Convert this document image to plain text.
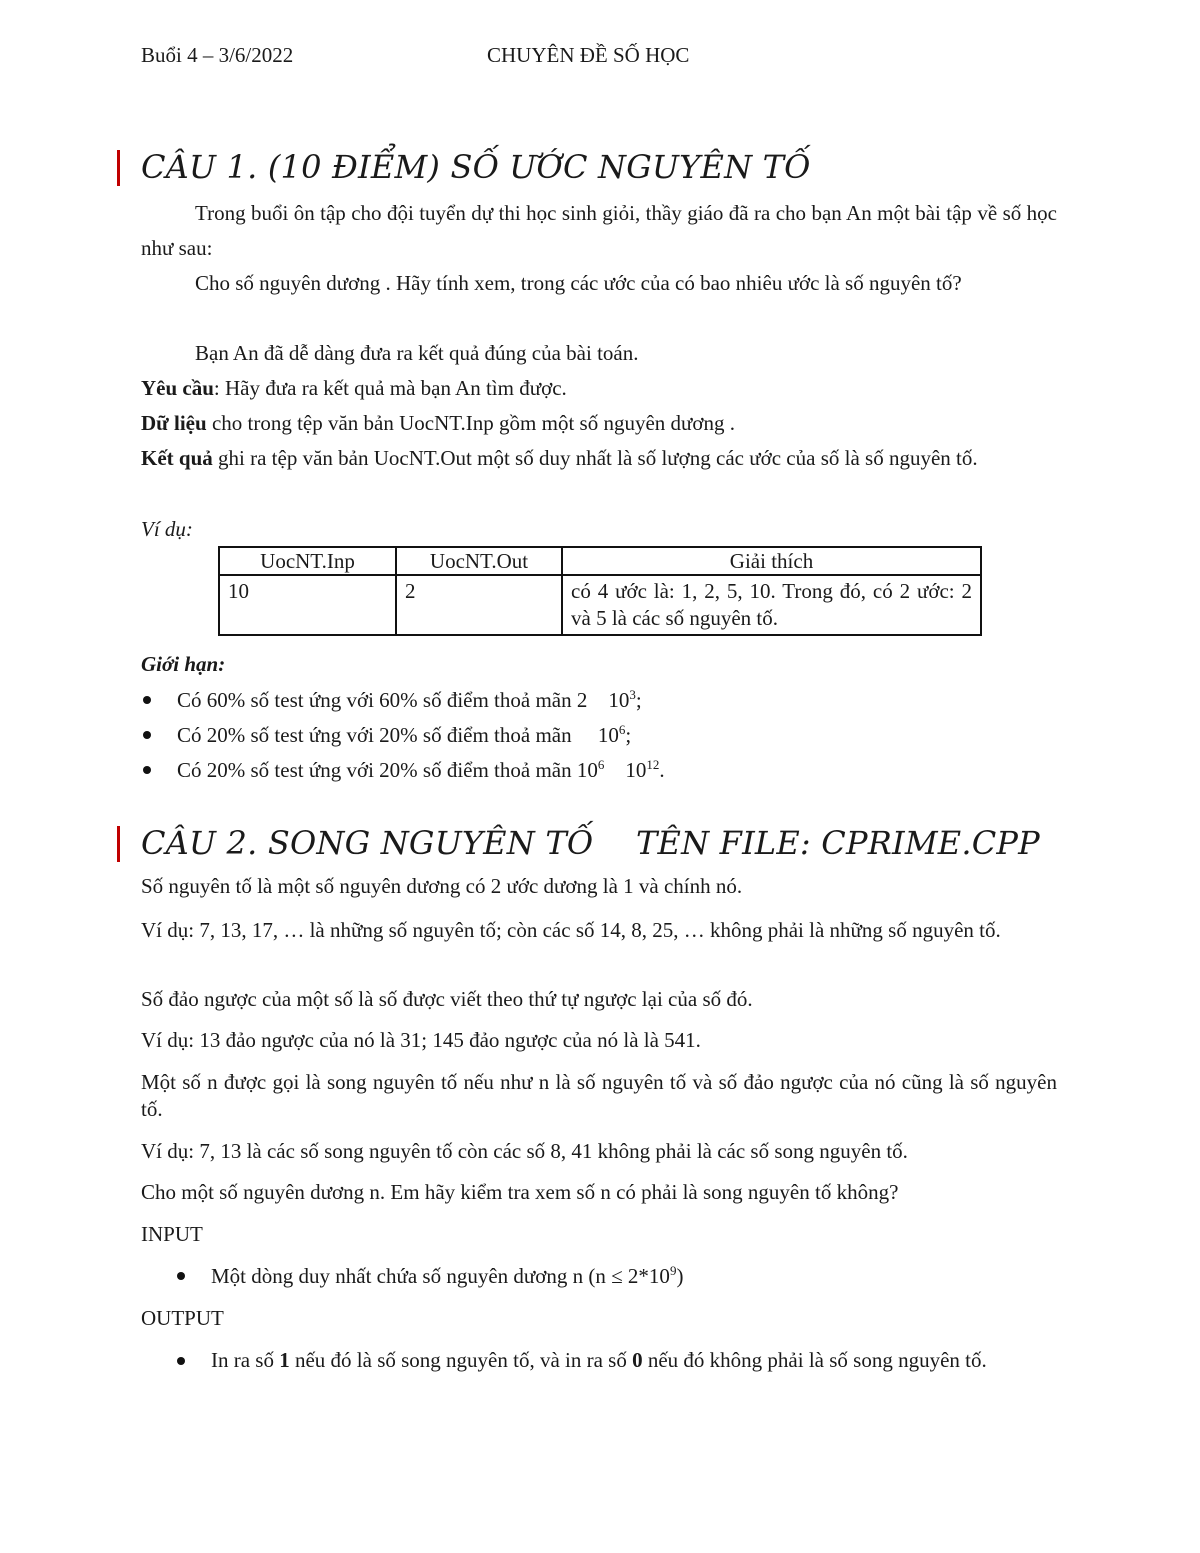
Buổi 4 – 3/6/2022	CHUYÊN ĐỀ SỐ HỌC
CÂU 1. (10 ĐIỂM) SỐ ƯỚC NGUYÊN TỐ
Trong buổi ôn tập cho đội tuyển dự thi học sinh giỏi, thầy giáo đã ra cho bạn An một bài tập về số học như sau:
Cho số nguyên dương . Hãy tính xem, trong các ước của có bao nhiêu ước là số nguyên tố?
Bạn An đã dễ dàng đưa ra kết quả đúng của bài toán.
Yêu cầu: Hãy đưa ra kết quả mà bạn An tìm được.
Dữ liệu cho trong tệp văn bản UocNT.Inp gồm một số nguyên dương .
Kết quả ghi ra tệp văn bản UocNT.Out một số duy nhất là số lượng các ước của số là số nguyên tố.
Ví dụ:
UocNT.Inp	UocNT.Out	Giải thích
10	2	có 4 ước là: 1, 2, 5, 10. Trong đó, có 2 ước: 2 và 5 là các số nguyên tố.
Giới hạn:
Có 60% số test ứng với 60% số điểm thoả mãn 2    $10^3$;
Có 20% số test ứng với 20% số điểm thoả mãn     $10^6$;
Có 20% số test ứng với 20% số điểm thoả mãn $10^6$    $10^{12}$.
CÂU 2. SONG NGUYÊN TỐ TÊN FILE: CPRIME.CPP
Số nguyên tố là một số nguyên dương có 2 ước dương là 1 và chính nó.
Ví dụ: 7, 13, 17, … là những số nguyên tố; còn các số 14, 8, 25, … không phải là những số nguyên tố.
Số đảo ngược của một số là số được viết theo thứ tự ngược lại của số đó.
Ví dụ: 13 đảo ngược của nó là 31; 145 đảo ngược của nó là là 541.
Một số n được gọi là song nguyên tố nếu như n là số nguyên tố và số đảo ngược của nó cũng là số nguyên tố.
Ví dụ: 7, 13 là các số song nguyên tố còn các số 8, 41 không phải là các số song nguyên tố.
Cho một số nguyên dương n. Em hãy kiểm tra xem số n có phải là song nguyên tố không?
INPUT
Một dòng duy nhất chứa số nguyên dương n $(n \le 2*10^9)$
OUTPUT
In ra số 1 nếu đó là số song nguyên tố, và in ra số 0 nếu đó không phải là số song nguyên tố.
